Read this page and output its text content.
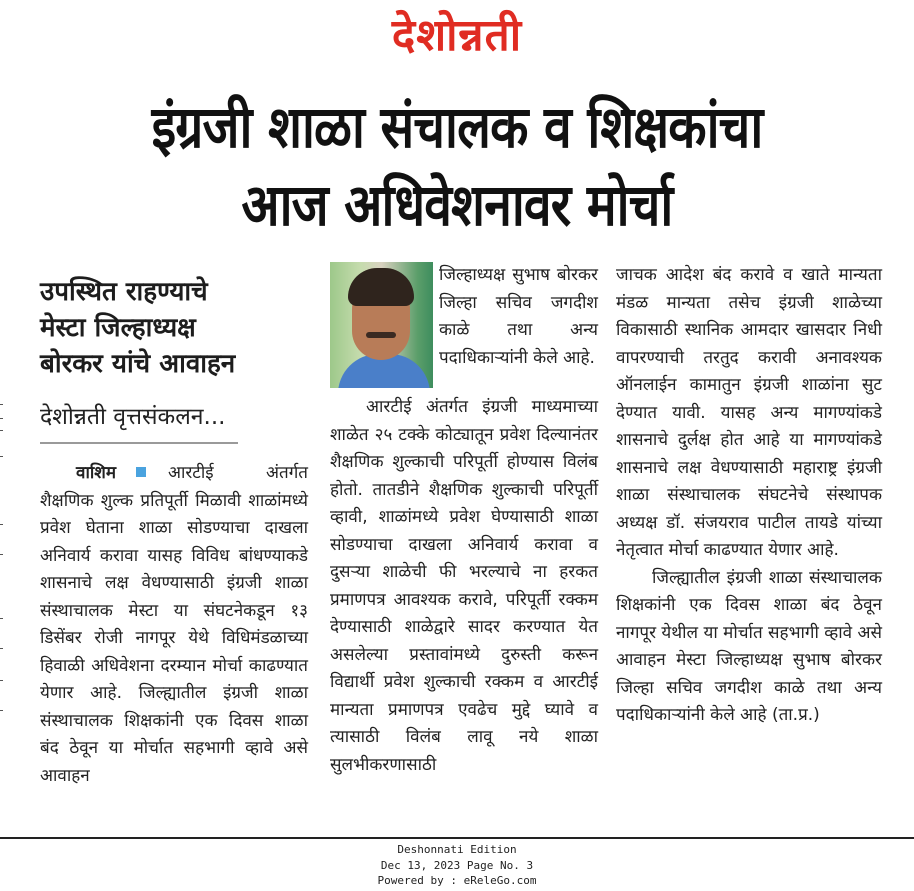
देशोन्नती
इंग्रजी शाळा संचालक व शिक्षकांचा
आज अधिवेशनावर मोर्चा
उपस्थित राहण्याचे
मेस्टा जिल्हाध्यक्ष
बोरकर यांचे आवाहन
देशोन्नती वृत्तसंकलन...

वाशिम	आरटीई अंतर्गत शैक्षणिक शुल्क प्रतिपूर्ती मिळावी शाळांमध्ये प्रवेश घेताना शाळा सोडण्याचा दाखला अनिवार्य करावा यासह विविध बांधण्याकडे शासनाचे लक्ष वेधण्यासाठी इंग्रजी शाळा संस्थाचालक मेस्टा या संघटनेकडून १३ डिसेंबर रोजी नागपूर येथे विधिमंडळाच्या हिवाळी अधिवेशना दरम्यान मोर्चा काढण्यात येणार आहे. जिल्ह्यातील इंग्रजी शाळा संस्थाचालक शिक्षकांनी एक दिवस शाळा बंद ठेवून या मोर्चात सहभागी व्हावे असे आवाहन

जिल्हाध्यक्ष सुभाष बोरकर जिल्हा सचिव जगदीश काळे तथा अन्य पदाधिकाऱ्यांनी केले आहे.

आरटीई अंतर्गत इंग्रजी माध्यमाच्या शाळेत २५ टक्के कोट्यातून प्रवेश दिल्यानंतर शैक्षणिक शुल्काची परिपूर्ती होण्यास विलंब होतो. तातडीने शैक्षणिक शुल्काची परिपूर्ती व्हावी, शाळांमध्ये प्रवेश घेण्यासाठी शाळा सोडण्याचा दाखला अनिवार्य करावा व दुसऱ्या शाळेची फी भरल्याचे ना हरकत प्रमाणपत्र आवश्यक करावे, परिपूर्ती रक्कम देण्यासाठी शाळेद्वारे सादर करण्यात येत असलेल्या प्रस्तावांमध्ये दुरुस्ती करून विद्यार्थी प्रवेश शुल्काची रक्कम व आरटीई मान्यता प्रमाणपत्र एवढेच मुद्दे घ्यावे व त्यासाठी विलंब लावू नये शाळा सुलभीकरणासाठी

जाचक आदेश बंद करावे व खाते मान्यता मंडळ मान्यता तसेच इंग्रजी शाळेच्या विकासाठी स्थानिक आमदार खासदार निधी वापरण्याची तरतुद करावी अनावश्यक ऑनलाईन कामातुन इंग्रजी शाळांना सुट देण्यात यावी. यासह अन्य मागण्यांकडे शासनाचे दुर्लक्ष होत आहे या मागण्यांकडे शासनाचे लक्ष वेधण्यासाठी महाराष्ट्र इंग्रजी शाळा संस्थाचालक संघटनेचे संस्थापक अध्यक्ष डॉ. संजयराव पाटील तायडे यांच्या नेतृत्वात मोर्चा काढण्यात येणार आहे.

जिल्ह्यातील इंग्रजी शाळा संस्थाचालक शिक्षकांनी एक दिवस शाळा बंद ठेवून नागपूर येथील या मोर्चात सहभागी व्हावे असे आवाहन मेस्टा जिल्हाध्यक्ष सुभाष बोरकर जिल्हा सचिव जगदीश काळे तथा अन्य पदाधिकाऱ्यांनी केले आहे (ता.प्र.)

Deshonnati Edition
Dec 13, 2023 Page No. 3
Powered by : eReleGo.com
